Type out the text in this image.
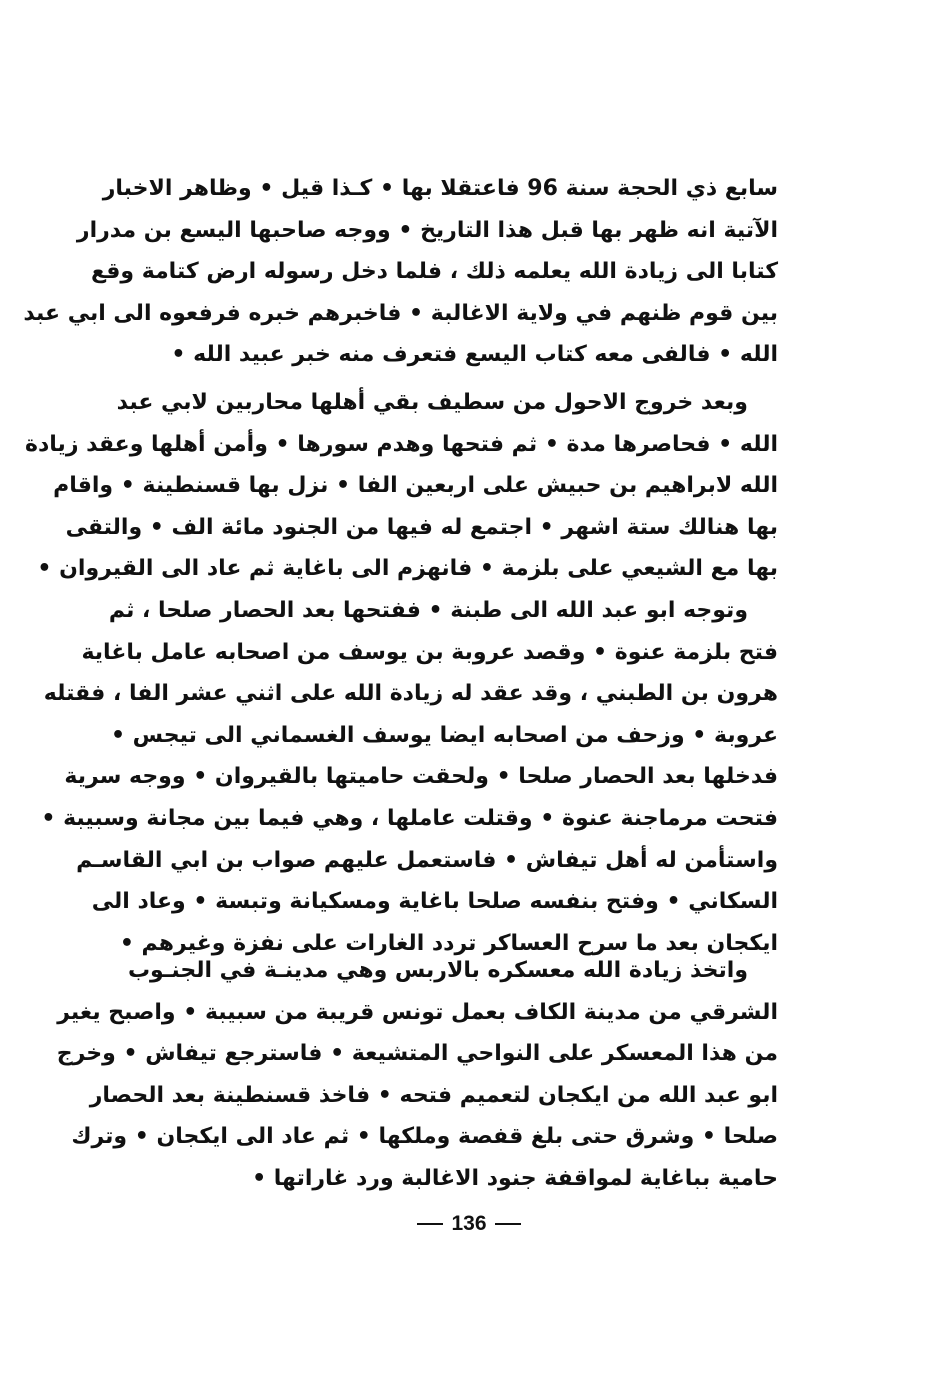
سابع ذي الحجة سنة 96 فاعتقلا بها • كـذا قيل • وظاهر الاخبار
الآتية انه ظهر بها قبل هذا التاريخ • ووجه صاحبها اليسع بن مدرار
كتابا الى زيادة الله يعلمه ذلك ، فلما دخل رسوله ارض كتامة وقع
بين قوم ظنهم في ولاية الاغالبة • فاخبرهم خبره فرفعوه الى ابي عبد
الله • فالفى معه كتاب اليسع فتعرف منه خبر عبيد الله •
وبعد خروج الاحول من سطيف بقي أهلها محاربين لابي عبد
الله • فحاصرها مدة • ثم فتحها وهدم سورها • وأمن أهلها وعقد زيادة
الله لابراهيم بن حبيش على اربعين الفا • نزل بها قسنطينة • واقام
بها هنالك ستة اشهر • اجتمع له فيها من الجنود مائة الف • والتقى
بها مع الشيعي على بلزمة • فانهزم الى باغاية ثم عاد الى القيروان •
وتوجه ابو عبد الله الى طبنة • ففتحها بعد الحصار صلحا ، ثم
فتح بلزمة عنوة • وقصد عروبة بن يوسف من اصحابه عامل باغاية
هرون بن الطبني ، وقد عقد له زيادة الله على اثني عشر الفا ، فقتله
عروبة • وزحف من اصحابه ايضا يوسف الغسماني الى تيجس •
فدخلها بعد الحصار صلحا • ولحقت حاميتها بالقيروان • ووجه سرية
فتحت مرماجنة عنوة • وقتلت عاملها ، وهي فيما بين مجانة وسبيبة •
واستأمن له أهل تيفاش • فاستعمل عليهم صواب بن ابي القاسـم
السكاني • وفتح بنفسه صلحا باغاية ومسكيانة وتبسة • وعاد الى
ايكجان بعد ما سرح العساكر تردد الغارات على نفزة وغيرهم •
واتخذ زيادة الله معسكره بالاربس وهي مدينـة في الجنـوب
الشرقي من مدينة الكاف بعمل تونس قريبة من سبيبة • واصبح يغير
من هذا المعسكر على النواحي المتشيعة • فاسترجع تيفاش • وخرج
ابو عبد الله من ايكجان لتعميم فتحه • فاخذ قسنطينة بعد الحصار
صلحا • وشرق حتى بلغ قفصة وملكها • ثم عاد الى ايكجان • وترك
حامية بباغاية لمواقفة جنود الاغالبة ورد غاراتها •
136
